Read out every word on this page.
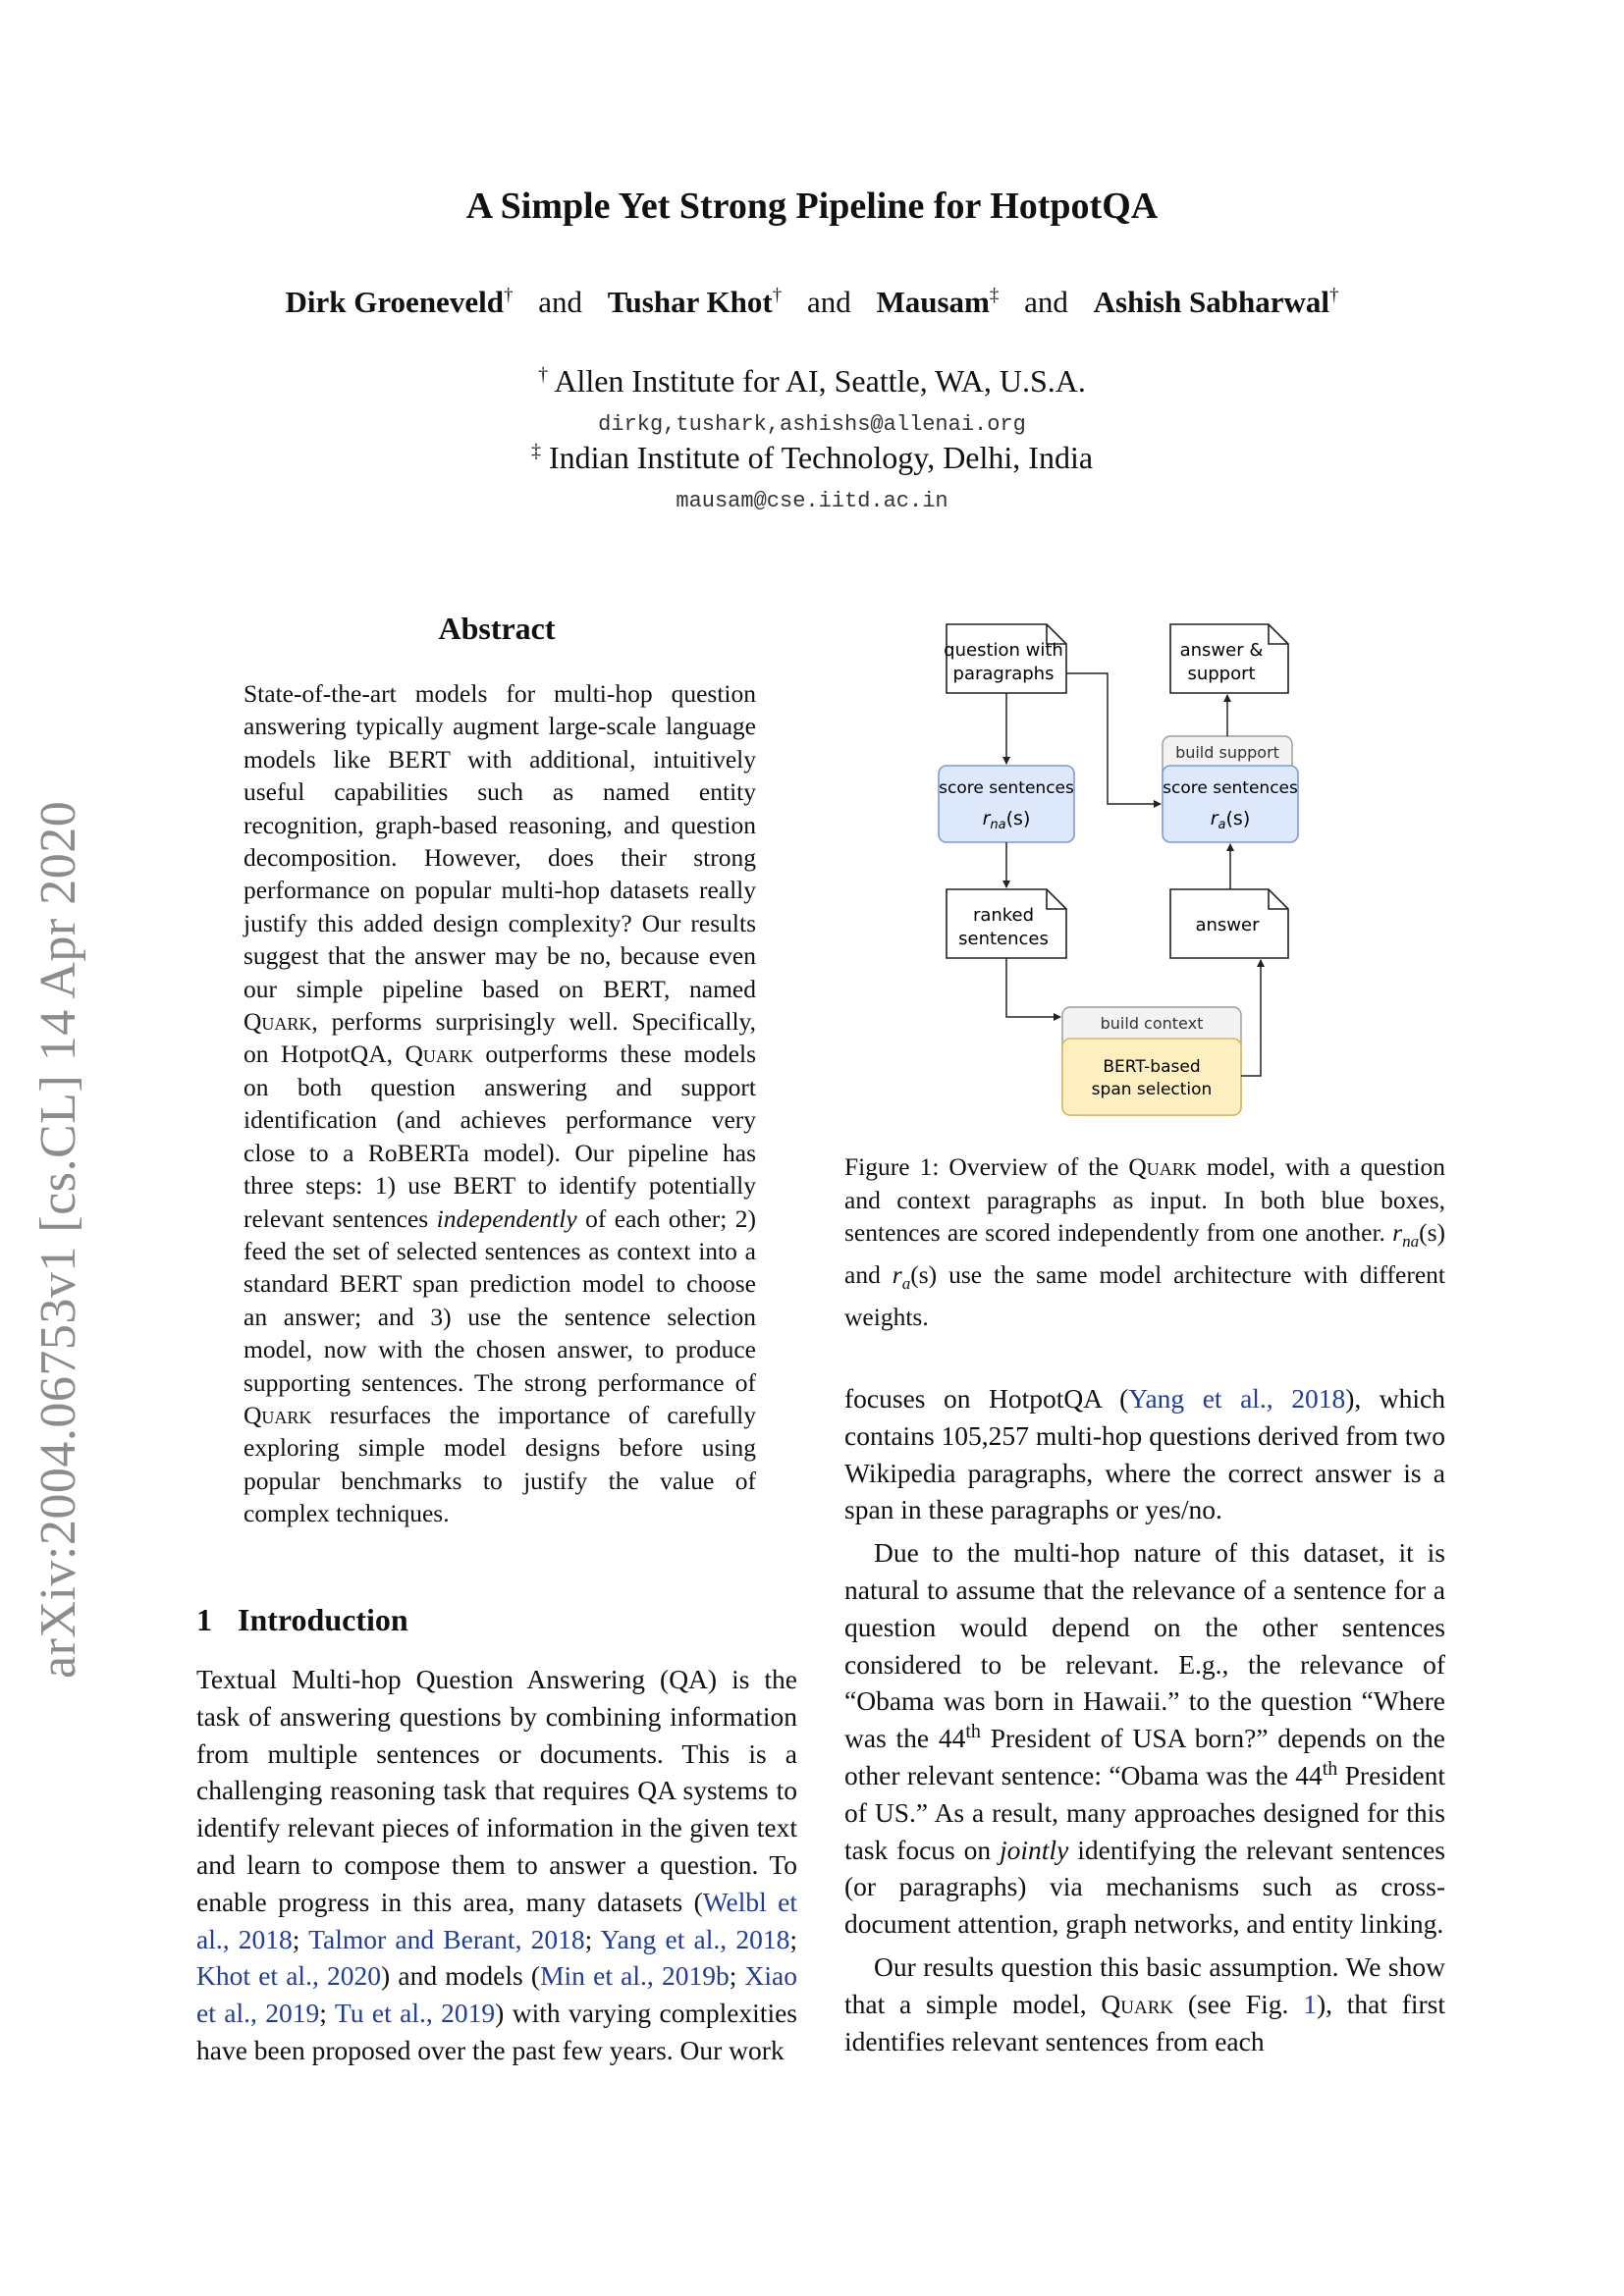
arXiv:2004.06753v1 [cs.CL] 14 Apr 2020
A Simple Yet Strong Pipeline for HotpotQA
Dirk Groeneveld† and Tushar Khot† and Mausam‡ and Ashish Sabharwal†
† Allen Institute for AI, Seattle, WA, U.S.A.
dirkg,tushark,ashishs@allenai.org
‡ Indian Institute of Technology, Delhi, India
mausam@cse.iitd.ac.in
Abstract
State-of-the-art models for multi-hop question answering typically augment large-scale language models like BERT with additional, intuitively useful capabilities such as named entity recognition, graph-based reasoning, and question decomposition. However, does their strong performance on popular multi-hop datasets really justify this added design complexity? Our results suggest that the answer may be no, because even our simple pipeline based on BERT, named Quark, performs surprisingly well. Specifically, on HotpotQA, Quark outperforms these models on both question answering and support identification (and achieves performance very close to a RoBERTa model). Our pipeline has three steps: 1) use BERT to identify potentially relevant sentences independently of each other; 2) feed the set of selected sentences as context into a standard BERT span prediction model to choose an answer; and 3) use the sentence selection model, now with the chosen answer, to produce supporting sentences. The strong performance of Quark resurfaces the importance of carefully exploring simple model designs before using popular benchmarks to justify the value of complex techniques.
1 Introduction
Textual Multi-hop Question Answering (QA) is the task of answering questions by combining information from multiple sentences or documents. This is a challenging reasoning task that requires QA systems to identify relevant pieces of information in the given text and learn to compose them to answer a question. To enable progress in this area, many datasets (Welbl et al., 2018; Talmor and Berant, 2018; Yang et al., 2018; Khot et al., 2020) and models (Min et al., 2019b; Xiao et al., 2019; Tu et al., 2019) with varying complexities have been proposed over the past few years. Our work
question with
paragraphs
answer &
support
build support
score sentences
$r_{na}(s)$
score sentences
$r_a(s)$
ranked
sentences
answer
build context
BERT-based
span selection
Figure 1: Overview of the Quark model, with a question and context paragraphs as input. In both blue boxes, sentences are scored independently from one another. $r_{na}(s)$ and $r_a(s)$ use the same model architecture with different weights.

focuses on HotpotQA (Yang et al., 2018), which contains 105,257 multi-hop questions derived from two Wikipedia paragraphs, where the correct answer is a span in these paragraphs or yes/no.

Due to the multi-hop nature of this dataset, it is natural to assume that the relevance of a sentence for a question would depend on the other sentences considered to be relevant. E.g., the relevance of “Obama was born in Hawaii.” to the question “Where was the 44th President of USA born?” depends on the other relevant sentence: “Obama was the 44th President of US.” As a result, many approaches designed for this task focus on jointly identifying the relevant sentences (or paragraphs) via mechanisms such as cross-document attention, graph networks, and entity linking.

Our results question this basic assumption. We show that a simple model, Quark (see Fig. 1), that first identifies relevant sentences from each
